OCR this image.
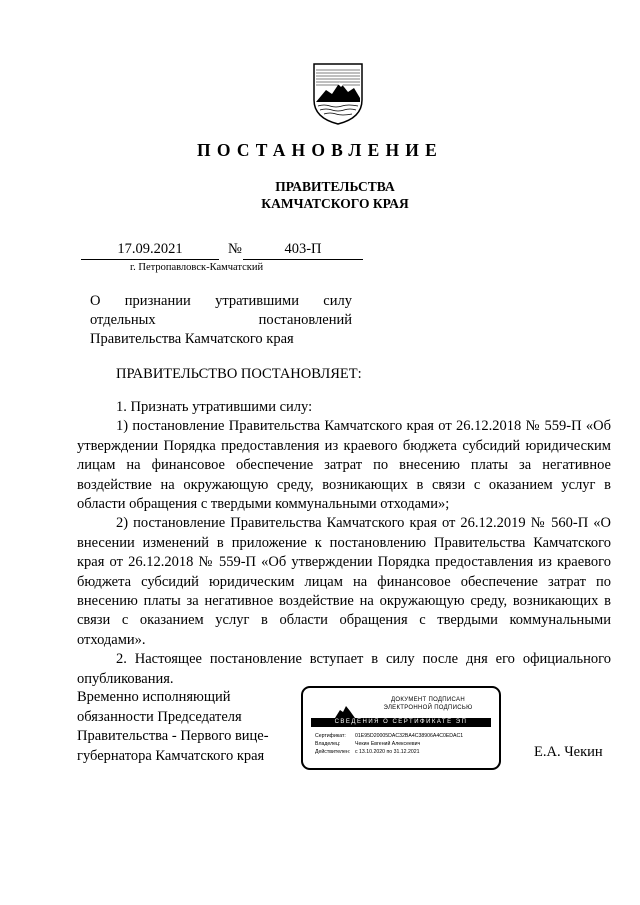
ПОСТАНОВЛЕНИЕ
ПРАВИТЕЛЬСТВА
КАМЧАТСКОГО КРАЯ
17.09.2021	№	403-П
г. Петропавловск-Камчатский
О признании утратившими силу
отдельных постановлений
Правительства Камчатского края
ПРАВИТЕЛЬСТВО ПОСТАНОВЛЯЕТ:

1. Признать утратившими силу:

1) постановление Правительства Камчатского края от 26.12.2018 № 559-П «Об утверждении Порядка предоставления из краевого бюджета субсидий юридическим лицам на финансовое обеспечение затрат по внесению платы за негативное воздействие на окружающую среду, возникающих в связи с оказанием услуг в области обращения с твердыми коммунальными отходами»;

2) постановление Правительства Камчатского края от 26.12.2019 № 560-П «О внесении изменений в приложение к постановлению Правительства Камчатского края от 26.12.2018 № 559-П «Об утверждении Порядка предоставления из краевого бюджета субсидий юридическим лицам на финансовое обеспечение затрат по внесению платы за негативное воздействие на окружающую среду, возникающих в связи с оказанием услуг в области обращения с твердыми коммунальными отходами».

2. Настоящее постановление вступает в силу после дня его официального опубликования.

Временно исполняющий
обязанности Председателя
Правительства - Первого вице-
губернатора Камчатского края
ДОКУМЕНТ ПОДПИСАН
ЭЛЕКТРОННОЙ ПОДПИСЬЮ
СВЕДЕНИЯ О СЕРТИФИКАТЕ ЭП
Сертификат:	01E95D20005DAC32BA4C38906A4C0EDAC1
Владелец:	Чекин Евгений Алексеевич
Действителен: с 13.10.2020 по 31.12.2021	Е.А. Чекин
